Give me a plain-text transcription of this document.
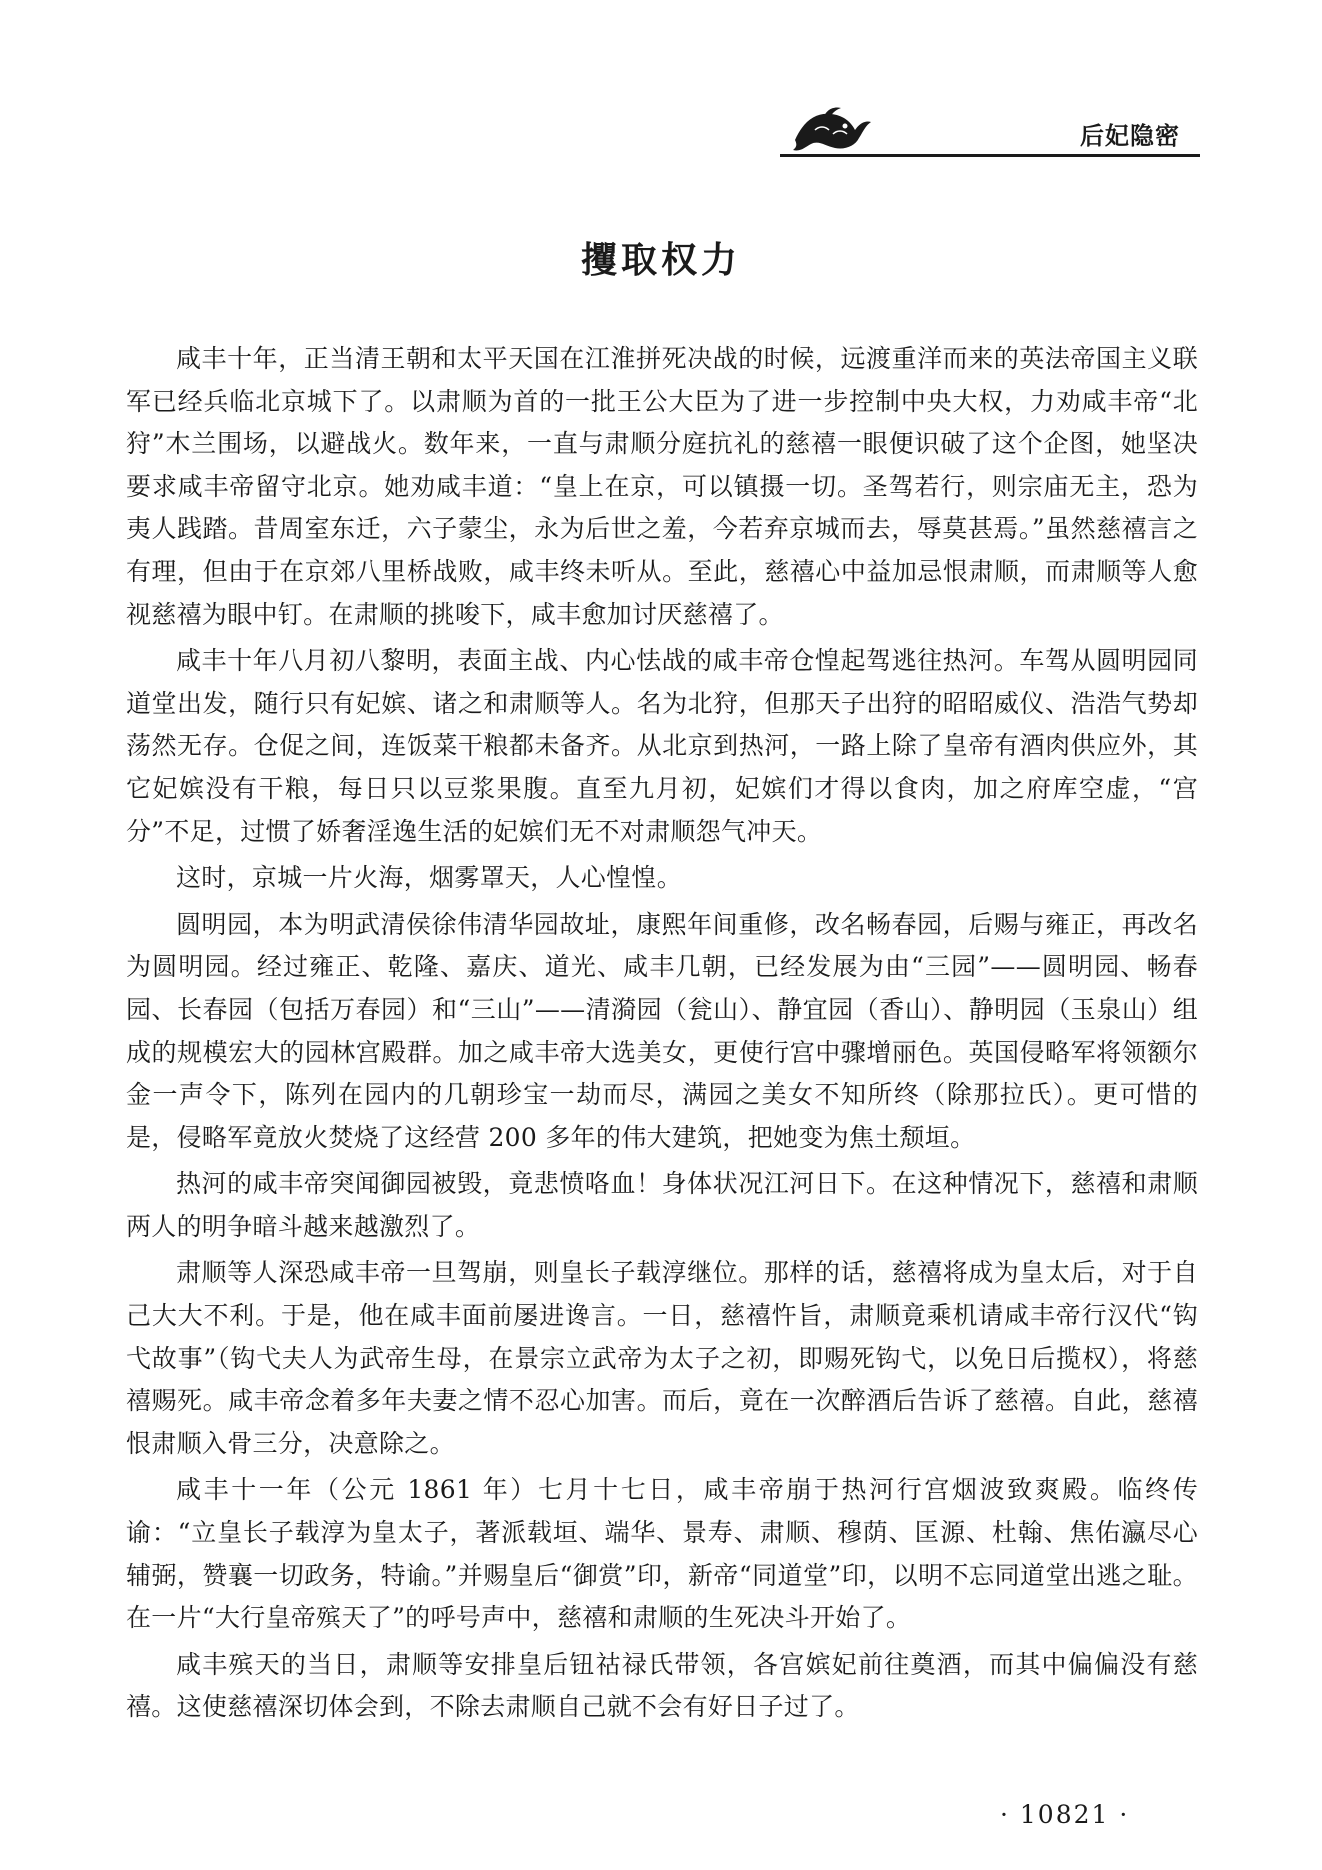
后妃隐密
攫取权力

咸丰十年，正当清王朝和太平天国在江淮拼死决战的时候，远渡重洋而来的英法帝国主义联军已经兵临北京城下了。以肃顺为首的一批王公大臣为了进一步控制中央大权，力劝咸丰帝“北狩”木兰围场，以避战火。数年来，一直与肃顺分庭抗礼的慈禧一眼便识破了这个企图，她坚决要求咸丰帝留守北京。她劝咸丰道：“皇上在京，可以镇摄一切。圣驾若行，则宗庙无主，恐为夷人践踏。昔周室东迁，六子蒙尘，永为后世之羞，今若弃京城而去，辱莫甚焉。”虽然慈禧言之有理，但由于在京郊八里桥战败，咸丰终未听从。至此，慈禧心中益加忌恨肃顺，而肃顺等人愈视慈禧为眼中钉。在肃顺的挑唆下，咸丰愈加讨厌慈禧了。

咸丰十年八月初八黎明，表面主战、内心怯战的咸丰帝仓惶起驾逃往热河。车驾从圆明园同道堂出发，随行只有妃嫔、诸之和肃顺等人。名为北狩，但那天子出狩的昭昭威仪、浩浩气势却荡然无存。仓促之间，连饭菜干粮都未备齐。从北京到热河，一路上除了皇帝有酒肉供应外，其它妃嫔没有干粮，每日只以豆浆果腹。直至九月初，妃嫔们才得以食肉，加之府库空虚，“宫分”不足，过惯了娇奢淫逸生活的妃嫔们无不对肃顺怨气冲天。

这时，京城一片火海，烟雾罩天，人心惶惶。

圆明园，本为明武清侯徐伟清华园故址，康熙年间重修，改名畅春园，后赐与雍正，再改名为圆明园。经过雍正、乾隆、嘉庆、道光、咸丰几朝，已经发展为由“三园”——圆明园、畅春园、长春园（包括万春园）和“三山”——清漪园（瓮山）、静宜园（香山）、静明园（玉泉山）组成的规模宏大的园林宫殿群。加之咸丰帝大选美女，更使行宫中骤增丽色。英国侵略军将领额尔金一声令下，陈列在园内的几朝珍宝一劫而尽，满园之美女不知所终（除那拉氏）。更可惜的是，侵略军竟放火焚烧了这经营 200 多年的伟大建筑，把她变为焦土颓垣。

热河的咸丰帝突闻御园被毁，竟悲愤咯血！身体状况江河日下。在这种情况下，慈禧和肃顺两人的明争暗斗越来越激烈了。

肃顺等人深恐咸丰帝一旦驾崩，则皇长子载淳继位。那样的话，慈禧将成为皇太后，对于自己大大不利。于是，他在咸丰面前屡进谗言。一日，慈禧忤旨，肃顺竟乘机请咸丰帝行汉代“钩弋故事”（钩弋夫人为武帝生母，在景宗立武帝为太子之初，即赐死钩弋，以免日后揽权），将慈禧赐死。咸丰帝念着多年夫妻之情不忍心加害。而后，竟在一次醉酒后告诉了慈禧。自此，慈禧恨肃顺入骨三分，决意除之。

咸丰十一年（公元 1861 年）七月十七日，咸丰帝崩于热河行宫烟波致爽殿。临终传谕：“立皇长子载淳为皇太子，著派载垣、端华、景寿、肃顺、穆荫、匡源、杜翰、焦佑瀛尽心辅弼，赞襄一切政务，特谕。”并赐皇后“御赏”印，新帝“同道堂”印，以明不忘同道堂出逃之耻。在一片“大行皇帝殡天了”的呼号声中，慈禧和肃顺的生死决斗开始了。

咸丰殡天的当日，肃顺等安排皇后钮祜禄氏带领，各宫嫔妃前往奠酒，而其中偏偏没有慈禧。这使慈禧深切体会到，不除去肃顺自己就不会有好日子过了。

· 10821 ·
